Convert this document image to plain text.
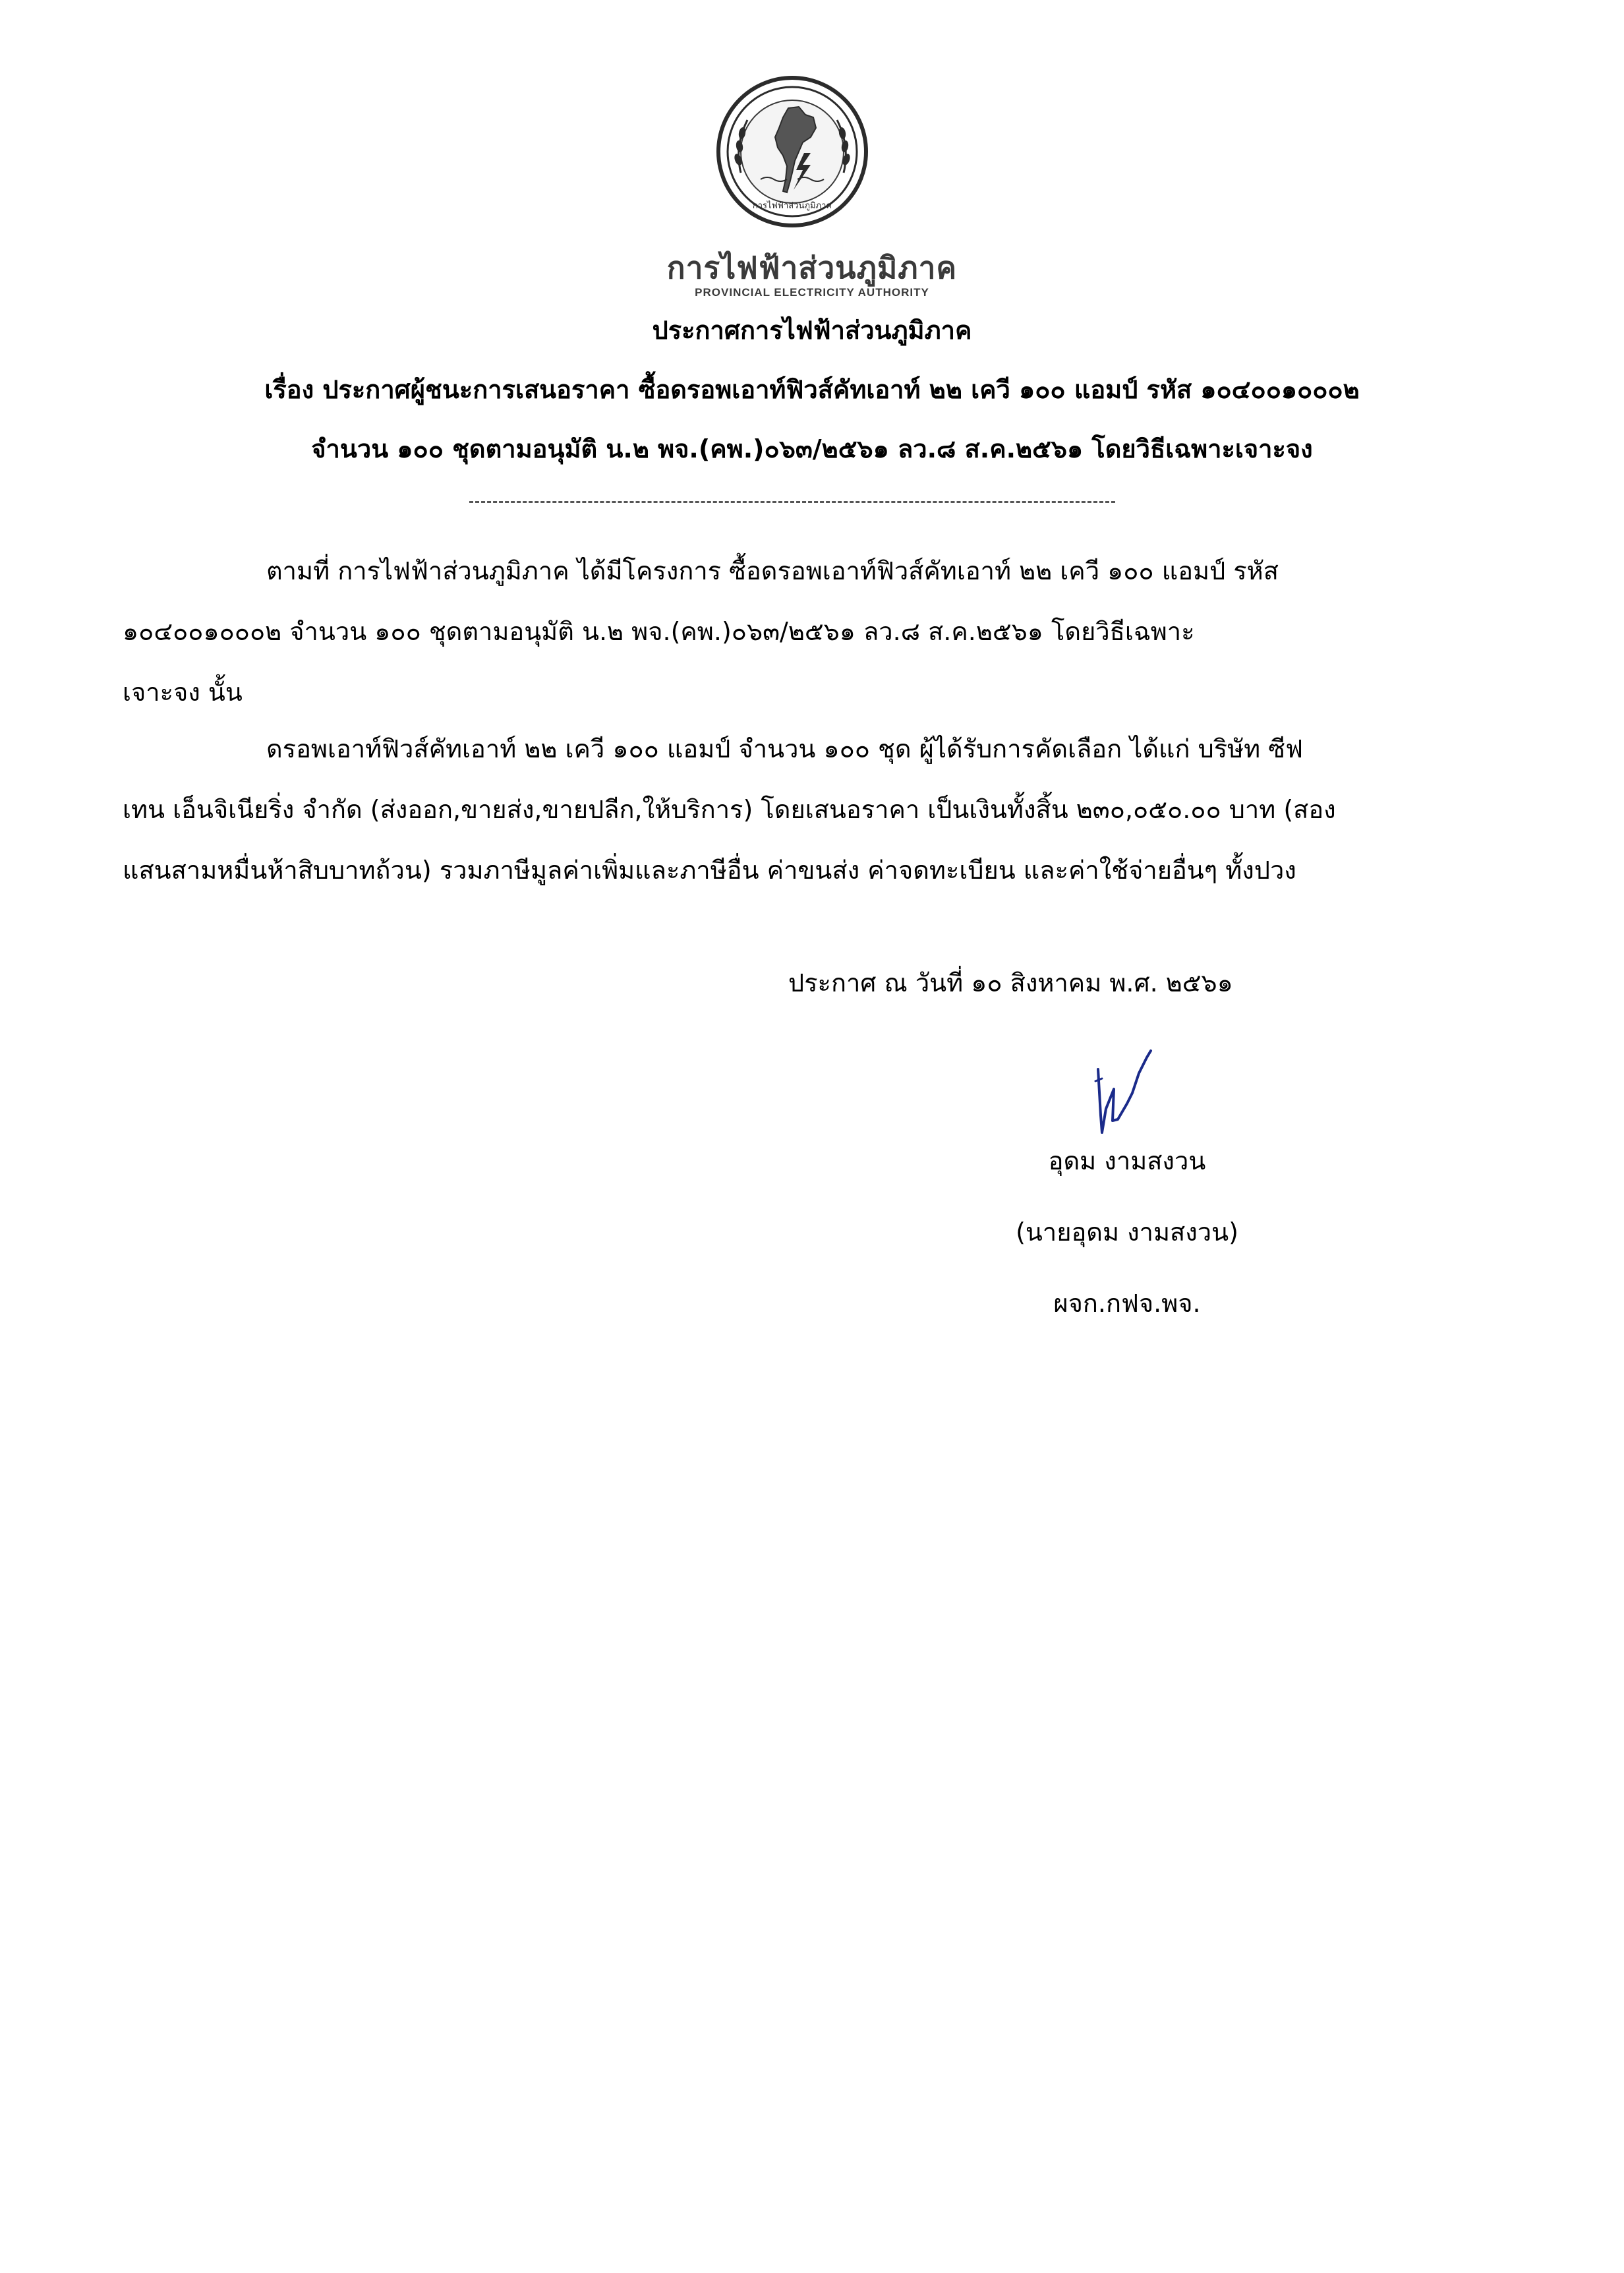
การไฟฟ้าส่วนภูมิภาค
การไฟฟ้าส่วนภูมิภาค
PROVINCIAL ELECTRICITY AUTHORITY
ประกาศการไฟฟ้าส่วนภูมิภาค
เรื่อง ประกาศผู้ชนะการเสนอราคา ซื้อดรอพเอาท์ฟิวส์คัทเอาท์ ๒๒ เควี ๑๐๐ แอมป์ รหัส ๑๐๔๐๐๑๐๐๐๒
จำนวน ๑๐๐ ชุดตามอนุมัติ น.๒ พจ.(คพ.)๐๖๓/๒๕๖๑ ลว.๘ ส.ค.๒๕๖๑ โดยวิธีเฉพาะเจาะจง
ตามที่ การไฟฟ้าส่วนภูมิภาค ได้มีโครงการ ซื้อดรอพเอาท์ฟิวส์คัทเอาท์ ๒๒ เควี ๑๐๐ แอมป์ รหัส
๑๐๔๐๐๑๐๐๐๒ จำนวน ๑๐๐ ชุดตามอนุมัติ น.๒ พจ.(คพ.)๐๖๓/๒๕๖๑ ลว.๘ ส.ค.๒๕๖๑ โดยวิธีเฉพาะ
เจาะจง นั้น
ดรอพเอาท์ฟิวส์คัทเอาท์ ๒๒ เควี ๑๐๐ แอมป์ จำนวน ๑๐๐ ชุด ผู้ได้รับการคัดเลือก ได้แก่ บริษัท ซีฟ
เทน เอ็นจิเนียริ่ง จำกัด (ส่งออก,ขายส่ง,ขายปลีก,ให้บริการ) โดยเสนอราคา เป็นเงินทั้งสิ้น ๒๓๐,๐๕๐.๐๐ บาท (สอง
แสนสามหมื่นห้าสิบบาทถ้วน) รวมภาษีมูลค่าเพิ่มและภาษีอื่น ค่าขนส่ง ค่าจดทะเบียน และค่าใช้จ่ายอื่นๆ ทั้งปวง
ประกาศ ณ วันที่ ๑๐ สิงหาคม พ.ศ. ๒๕๖๑
อุดม งามสงวน
(นายอุดม งามสงวน)
ผจก.กฟจ.พจ.
